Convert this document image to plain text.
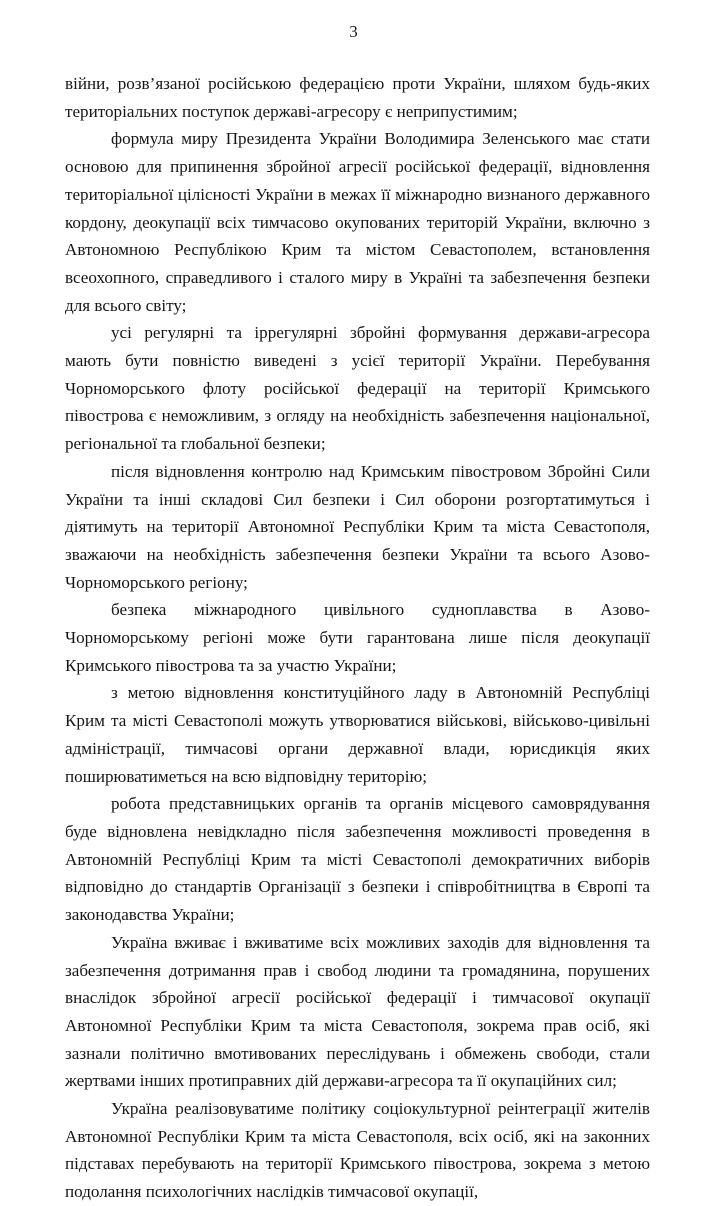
3

війни, розв’язаної російською федерацією проти України, шляхом будь-яких територіальних поступок державі-агресору є неприпустимим;

формула миру Президента України Володимира Зеленського має стати основою для припинення збройної агресії російської федерації, відновлення територіальної цілісності України в межах її міжнародно визнаного державного кордону, деокупації всіх тимчасово окупованих територій України, включно з Автономною Республікою Крим та містом Севастополем, встановлення всеохопного, справедливого і сталого миру в Україні та забезпечення безпеки для всього світу;

усі регулярні та іррегулярні збройні формування держави-агресора мають бути повністю виведені з усієї території України. Перебування Чорноморського флоту російської федерації на території Кримського півострова є неможливим, з огляду на необхідність забезпечення національної, регіональної та глобальної безпеки;

після відновлення контролю над Кримським півостровом Збройні Сили України та інші складові Сил безпеки і Сил оборони розгортатимуться і діятимуть на території Автономної Республіки Крим та міста Севастополя, зважаючи на необхідність забезпечення безпеки України та всього Азово-Чорноморського регіону;

безпека міжнародного цивільного судноплавства в Азово-Чорноморському регіоні може бути гарантована лише після деокупації Кримського півострова та за участю України;

з метою відновлення конституційного ладу в Автономній Республіці Крим та місті Севастополі можуть утворюватися військові, військово-цивільні адміністрації, тимчасові органи державної влади, юрисдикція яких поширюватиметься на всю відповідну територію;

робота представницьких органів та органів місцевого самоврядування буде відновлена невідкладно після забезпечення можливості проведення в Автономній Республіці Крим та місті Севастополі демократичних виборів відповідно до стандартів Організації з безпеки і співробітництва в Європі та законодавства України;

Україна вживає і вживатиме всіх можливих заходів для відновлення та забезпечення дотримання прав і свобод людини та громадянина, порушених внаслідок збройної агресії російської федерації і тимчасової окупації Автономної Республіки Крим та міста Севастополя, зокрема прав осіб, які зазнали політично вмотивованих переслідувань і обмежень свободи, стали жертвами інших протиправних дій держави-агресора та її окупаційних сил;

Україна реалізовуватиме політику соціокультурної реінтеграції жителів Автономної Республіки Крим та міста Севастополя, всіх осіб, які на законних підставах перебувають на території Кримського півострова, зокрема з метою подолання психологічних наслідків тимчасової окупації,
